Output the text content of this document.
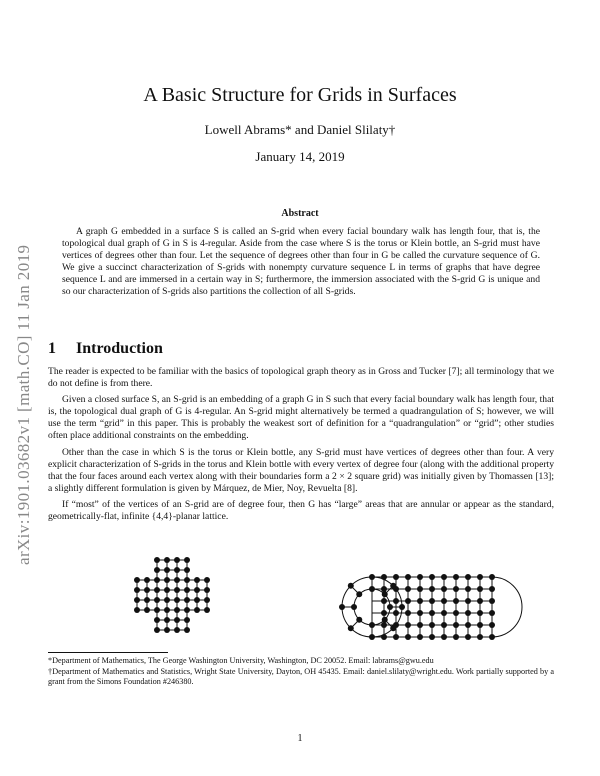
arXiv:1901.03682v1 [math.CO] 11 Jan 2019
A Basic Structure for Grids in Surfaces
Lowell Abrams* and Daniel Slilaty†
January 14, 2019
Abstract

A graph G embedded in a surface S is called an S-grid when every facial boundary walk has length four, that is, the topological dual graph of G in S is 4-regular. Aside from the case where S is the torus or Klein bottle, an S-grid must have vertices of degrees other than four. Let the sequence of degrees other than four in G be called the curvature sequence of G. We give a succinct characterization of S-grids with nonempty curvature sequence L in terms of graphs that have degree sequence L and are immersed in a certain way in S; furthermore, the immersion associated with the S-grid G is unique and so our characterization of S-grids also partitions the collection of all S-grids.

1 Introduction

The reader is expected to be familiar with the basics of topological graph theory as in Gross and Tucker [7]; all terminology that we do not define is from there.

Given a closed surface S, an S-grid is an embedding of a graph G in S such that every facial boundary walk has length four, that is, the topological dual graph of G is 4-regular. An S-grid might alternatively be termed a quadrangulation of S; however, we will use the term “grid” in this paper. This is probably the weakest sort of definition for a “quadrangulation” or “grid”; other studies often place additional constraints on the embedding.

Other than the case in which S is the torus or Klein bottle, any S-grid must have vertices of degrees other than four. A very explicit characterization of S-grids in the torus and Klein bottle with every vertex of degree four (along with the additional property that the four faces around each vertex along with their boundaries form a 2 × 2 square grid) was initially given by Thomassen [13]; a slightly different formulation is given by Márquez, de Mier, Noy, Revuelta [8].

If “most” of the vertices of an S-grid are of degree four, then G has “large” areas that are annular or appear as the standard, geometrically-flat, infinite {4,4}-planar lattice.

*Department of Mathematics, The George Washington University, Washington, DC 20052. Email: labrams@gwu.edu
†Department of Mathematics and Statistics, Wright State University, Dayton, OH 45435. Email: daniel.slilaty@wright.edu. Work partially supported by a grant from the Simons Foundation #246380.
1
